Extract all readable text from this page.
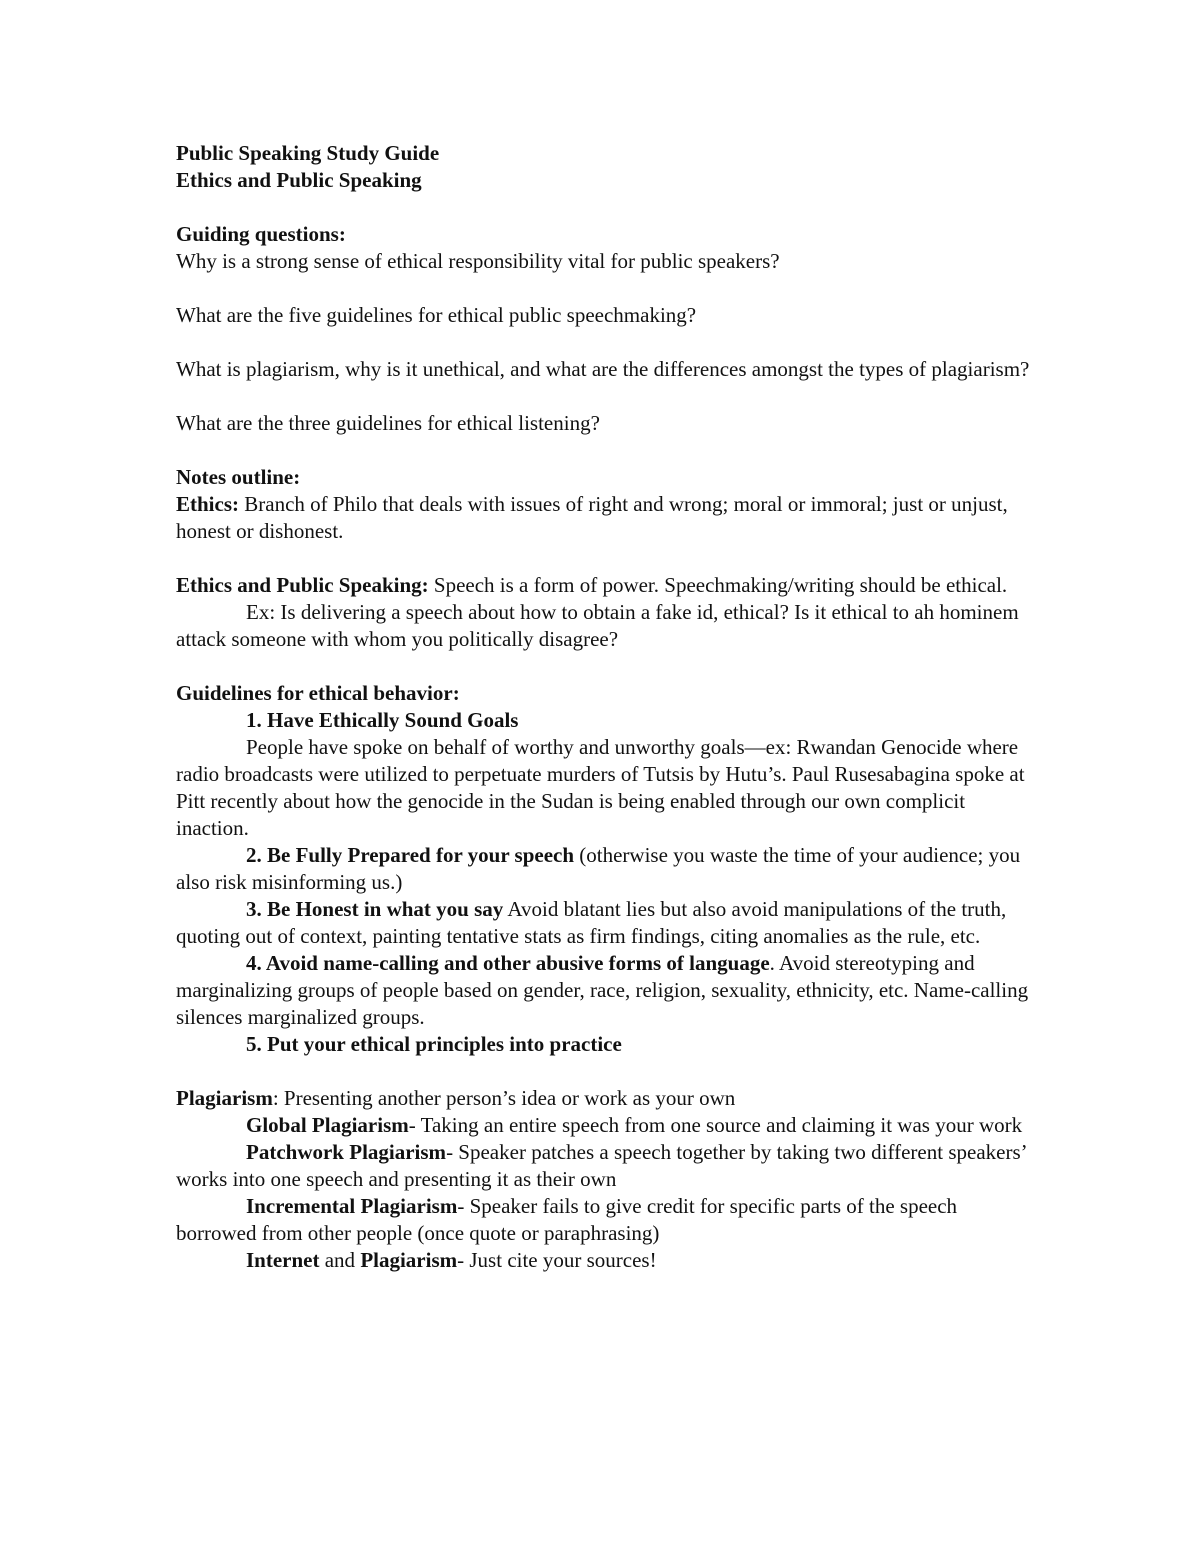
Public Speaking Study Guide

Ethics and Public Speaking

Guiding questions:

Why is a strong sense of ethical responsibility vital for public speakers?

What are the five guidelines for ethical public speechmaking?

What is plagiarism, why is it unethical, and what are the differences amongst the types of plagiarism?

What are the three guidelines for ethical listening?

Notes outline:

Ethics: Branch of Philo that deals with issues of right and wrong; moral or immoral; just or unjust, honest or dishonest.

Ethics and Public Speaking: Speech is a form of power. Speechmaking/writing should be ethical.

Ex: Is delivering a speech about how to obtain a fake id, ethical? Is it ethical to ah hominem attack someone with whom you politically disagree?

Guidelines for ethical behavior:

1. Have Ethically Sound Goals

People have spoke on behalf of worthy and unworthy goals—ex: Rwandan Genocide where radio broadcasts were utilized to perpetuate murders of Tutsis by Hutu’s. Paul Rusesabagina spoke at Pitt recently about how the genocide in the Sudan is being enabled through our own complicit inaction.

2. Be Fully Prepared for your speech (otherwise you waste the time of your audience; you also risk misinforming us.)

3. Be Honest in what you say Avoid blatant lies but also avoid manipulations of the truth, quoting out of context, painting tentative stats as firm findings, citing anomalies as the rule, etc.

4. Avoid name-calling and other abusive forms of language. Avoid stereotyping and marginalizing groups of people based on gender, race, religion, sexuality, ethnicity, etc. Name-calling silences marginalized groups.

5. Put your ethical principles into practice

Plagiarism: Presenting another person’s idea or work as your own

Global Plagiarism- Taking an entire speech from one source and claiming it was your work

Patchwork Plagiarism- Speaker patches a speech together by taking two different speakers’ works into one speech and presenting it as their own

Incremental Plagiarism- Speaker fails to give credit for specific parts of the speech borrowed from other people (once quote or paraphrasing)

Internet and Plagiarism- Just cite your sources!
